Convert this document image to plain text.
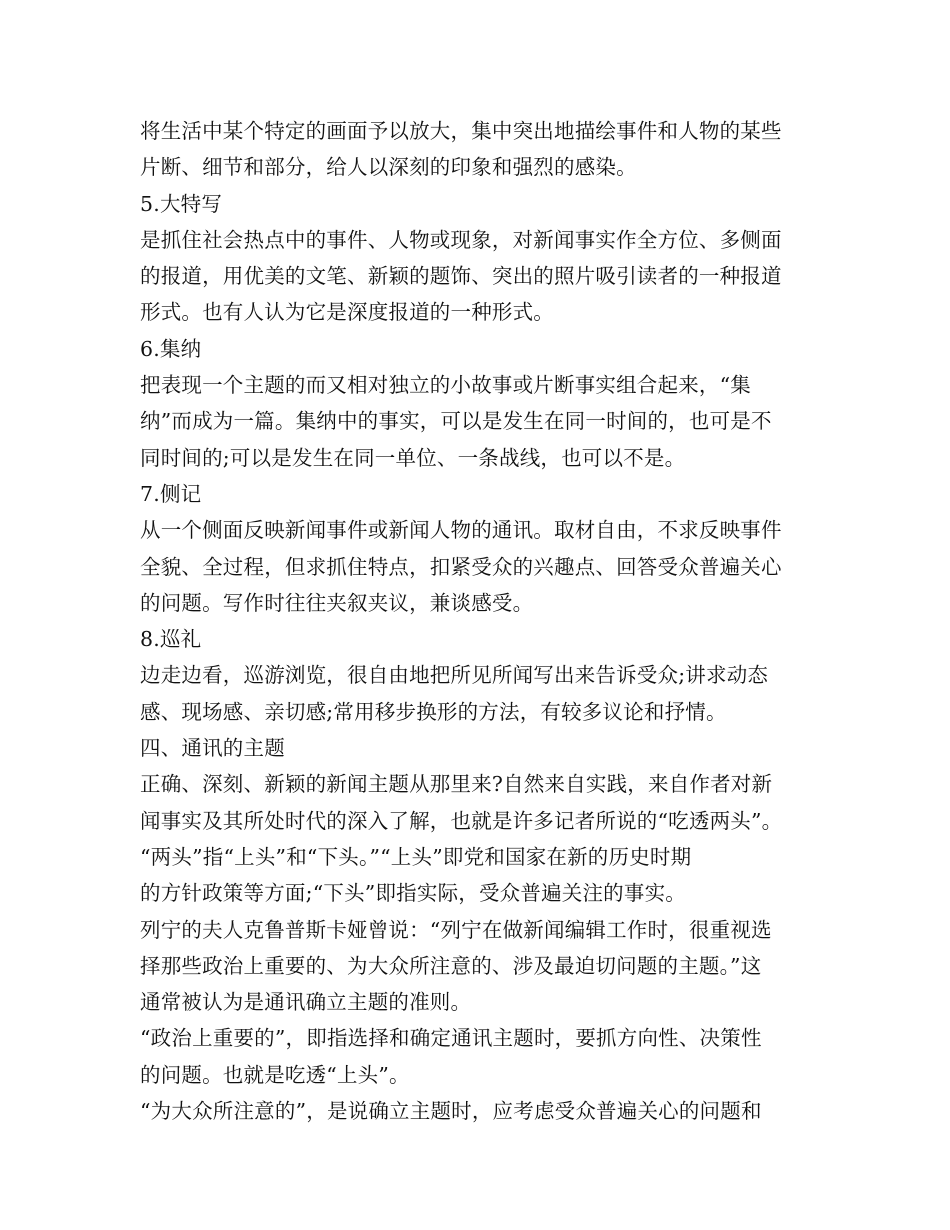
将生活中某个特定的画面予以放大，集中突出地描绘事件和人物的某些
片断、细节和部分，给人以深刻的印象和强烈的感染。
5.大特写
是抓住社会热点中的事件、人物或现象，对新闻事实作全方位、多侧面
的报道，用优美的文笔、新颖的题饰、突出的照片吸引读者的一种报道
形式。也有人认为它是深度报道的一种形式。
6.集纳
把表现一个主题的而又相对独立的小故事或片断事实组合起来，“集
纳”而成为一篇。集纳中的事实，可以是发生在同一时间的，也可是不
同时间的;可以是发生在同一单位、一条战线，也可以不是。
7.侧记
从一个侧面反映新闻事件或新闻人物的通讯。取材自由，不求反映事件
全貌、全过程，但求抓住特点，扣紧受众的兴趣点、回答受众普遍关心
的问题。写作时往往夹叙夹议，兼谈感受。
8.巡礼
边走边看，巡游浏览，很自由地把所见所闻写出来告诉受众;讲求动态
感、现场感、亲切感;常用移步换形的方法，有较多议论和抒情。
四、通讯的主题
正确、深刻、新颖的新闻主题从那里来?自然来自实践，来自作者对新
闻事实及其所处时代的深入了解，也就是许多记者所说的“吃透两头”。
“两头”指“上头”和“下头。”“上头”即党和国家在新的历史时期
的方针政策等方面;“下头”即指实际，受众普遍关注的事实。
列宁的夫人克鲁普斯卡娅曾说：“列宁在做新闻编辑工作时，很重视选
择那些政治上重要的、为大众所注意的、涉及最迫切问题的主题。”这
通常被认为是通讯确立主题的准则。
“政治上重要的”，即指选择和确定通讯主题时，要抓方向性、决策性
的问题。也就是吃透“上头”。
“为大众所注意的”，是说确立主题时，应考虑受众普遍关心的问题和
